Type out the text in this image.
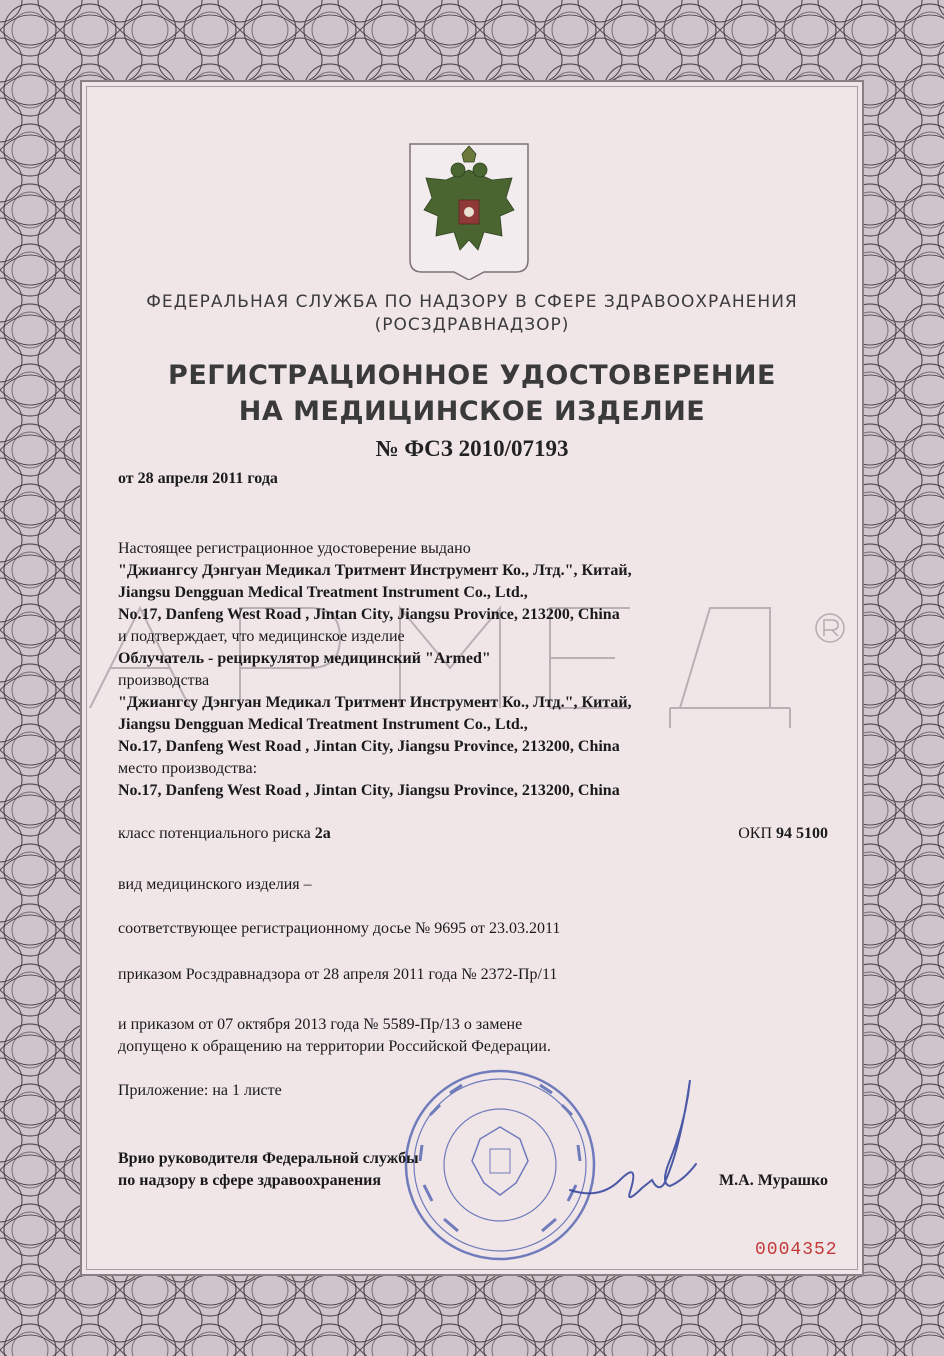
ФЕДЕРАЛЬНАЯ СЛУЖБА ПО НАДЗОРУ В СФЕРЕ ЗДРАВООХРАНЕНИЯ
(РОСЗДРАВНАДЗОР)
РЕГИСТРАЦИОННОЕ УДОСТОВЕРЕНИЕ
НА МЕДИЦИНСКОЕ ИЗДЕЛИЕ
№ ФСЗ 2010/07193
от 28 апреля 2011 года
Настоящее регистрационное удостоверение выдано
"Джиангсу Дэнгуан Медикал Тритмент Инструмент Ко., Лтд.", Китай,
Jiangsu Dengguan Medical Treatment Instrument Co., Ltd.,
No.17, Danfeng West Road , Jintan City, Jiangsu Province, 213200, China
и подтверждает, что медицинское изделие
Облучатель - рециркулятор медицинский "Armed"
производства
"Джиангсу Дэнгуан Медикал Тритмент Инструмент Ко., Лтд.", Китай,
Jiangsu Dengguan Medical Treatment Instrument Co., Ltd.,
No.17, Danfeng West Road , Jintan City, Jiangsu Province, 213200, China
место производства:
No.17, Danfeng West Road , Jintan City, Jiangsu Province, 213200, China
класс потенциального риска 2а	ОКП 94 5100
вид медицинского изделия –
соответствующее регистрационному досье № 9695 от 23.03.2011
приказом Росздравнадзора от 28 апреля 2011 года № 2372-Пр/11
и приказом от 07 октября 2013 года № 5589-Пр/13 о замене
допущено к обращению на территории Российской Федерации.
Приложение: на 1 листе
Врио руководителя Федеральной службы
по надзору в сфере здравоохранения	М.А. Мурашко
0004352
